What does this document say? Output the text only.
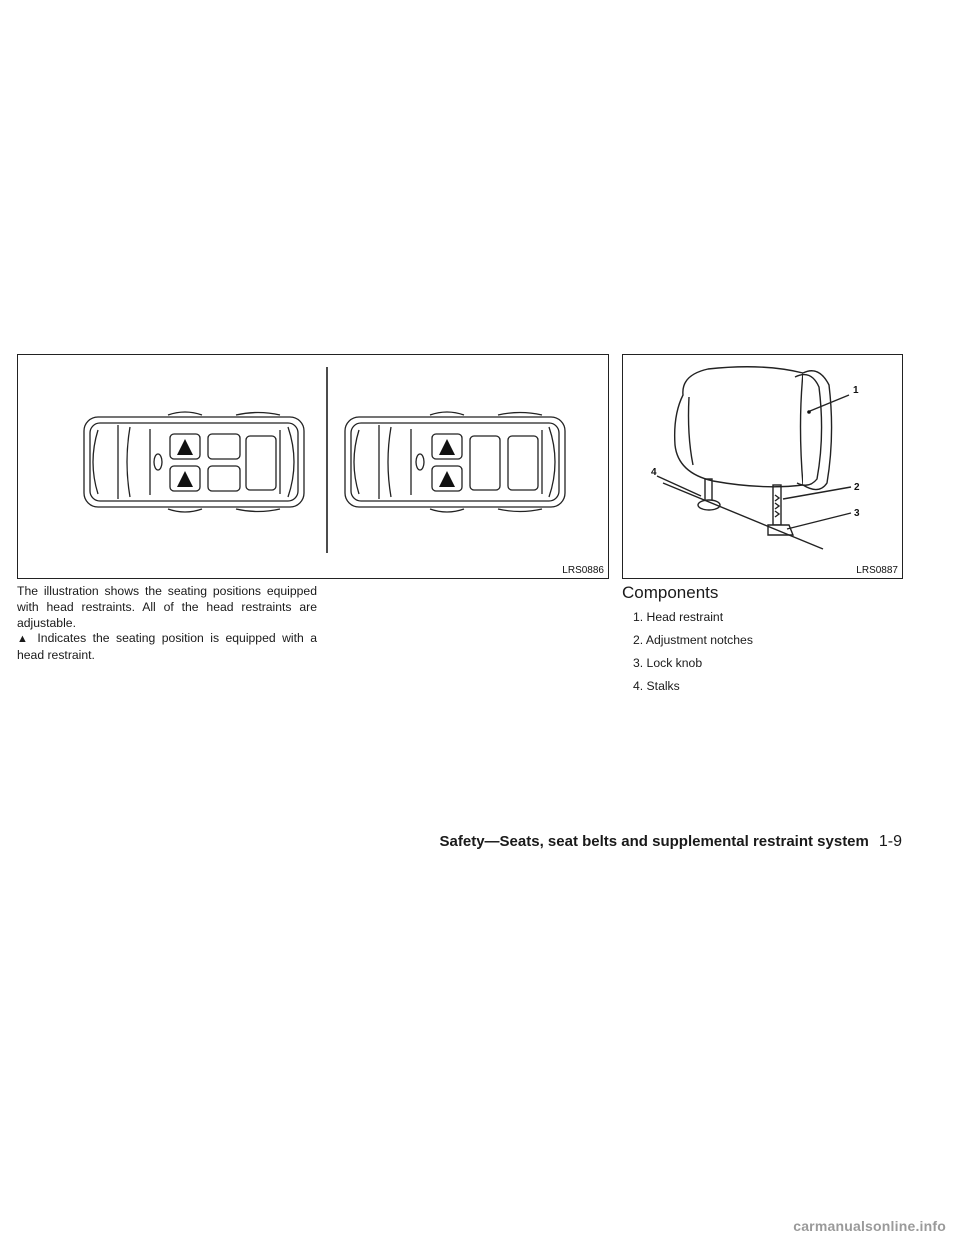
LRS0886
1
2
3
4
LRS0887

The illustration shows the seating positions equipped with head restraints. All of the head restraints are adjustable.

▲ Indicates the seating position is equipped with a head restraint.

Components
1. Head restraint
2. Adjustment notches
3. Lock knob
4. Stalks
Safety—Seats, seat belts and supplemental restraint system 1-9
carmanualsonline.info
